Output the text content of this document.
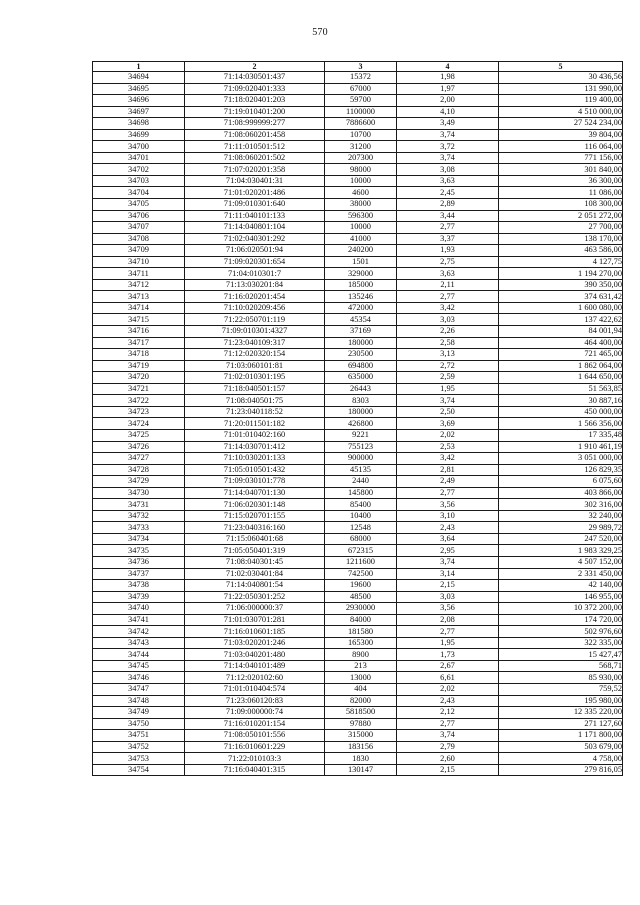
570
1	2	3	4	5
34694	71:14:030501:437	15372	1,98	30 436,56
34695	71:09:020401:333	67000	1,97	131 990,00
34696	71:18:020401:203	59700	2,00	119 400,00
34697	71:19:010401:200	1100000	4,10	4 510 000,00
34698	71:08:999999:277	7886600	3,49	27 524 234,00
34699	71:08:060201:458	10700	3,74	39 804,00
34700	71:11:010501:512	31200	3,72	116 064,00
34701	71:08:060201:502	207300	3,74	771 156,00
34702	71:07:020201:358	98000	3,08	301 840,00
34703	71:04:030401:31	10000	3,63	36 300,00
34704	71:01:020201:486	4600	2,45	11 086,00
34705	71:09:010301:640	38000	2,89	108 300,00
34706	71:11:040101:133	596300	3,44	2 051 272,00
34707	71:14:040801:104	10000	2,77	27 700,00
34708	71:02:040301:292	41000	3,37	138 170,00
34709	71:06:020501:94	240200	1,93	463 586,00
34710	71:09:020301:654	1501	2,75	4 127,75
34711	71:04:010301:7	329000	3,63	1 194 270,00
34712	71:13:030201:84	185000	2,11	390 350,00
34713	71:16:020201:454	135246	2,77	374 631,42
34714	71:10:020209:456	472000	3,42	1 600 080,00
34715	71:22:050701:119	45354	3,03	137 422,62
34716	71:09:010301:4327	37169	2,26	84 001,94
34717	71:23:040109:317	180000	2,58	464 400,00
34718	71:12:020320:154	230500	3,13	721 465,00
34719	71:03:060101:81	694800	2,72	1 862 064,00
34720	71:02:010301:195	635000	2,59	1 644 650,00
34721	71:18:040501:157	26443	1,95	51 563,85
34722	71:08:040501:75	8303	3,74	30 887,16
34723	71:23:040118:52	180000	2,50	450 000,00
34724	71:20:011501:182	426800	3,69	1 566 356,00
34725	71:01:010402:160	9221	2,02	17 335,48
34726	71:14:030701:412	755123	2,53	1 910 461,19
34727	71:10:030201:133	900000	3,42	3 051 000,00
34728	71:05:010501:432	45135	2,81	126 829,35
34729	71:09:030101:778	2440	2,49	6 075,60
34730	71:14:040701:130	145800	2,77	403 866,00
34731	71:06:020301:148	85400	3,56	302 316,00
34732	71:15:020701:155	10400	3,10	32 240,00
34733	71:23:040316:160	12548	2,43	29 989,72
34734	71:15:060401:68	68000	3,64	247 520,00
34735	71:05:050401:319	672315	2,95	1 983 329,25
34736	71:08:040301:45	1211600	3,74	4 507 152,00
34737	71:02:030401:84	742500	3,14	2 331 450,00
34738	71:14:040801:54	19600	2,15	42 140,00
34739	71:22:050301:252	48500	3,03	146 955,00
34740	71:06:000000:37	2930000	3,56	10 372 200,00
34741	71:01:030701:281	84000	2,08	174 720,00
34742	71:16:010601:185	181580	2,77	502 976,60
34743	71:03:020201:246	165300	1,95	322 335,00
34744	71:03:040201:480	8900	1,73	15 427,47
34745	71:14:040101:489	213	2,67	568,71
34746	71:12:020102:60	13000	6,61	85 930,00
34747	71:01:010404:574	404	2,02	759,52
34748	71:23:060120:83	82000	2,43	195 980,00
34749	71:09:000000:74	5818500	2,12	12 335 220,00
34750	71:16:010201:154	97880	2,77	271 127,60
34751	71:08:050101:556	315000	3,74	1 171 800,00
34752	71:16:010601:229	183156	2,79	503 679,00
34753	71:22:010103:3	1830	2,60	4 758,00
34754	71:16:040401:315	130147	2,15	279 816,05
